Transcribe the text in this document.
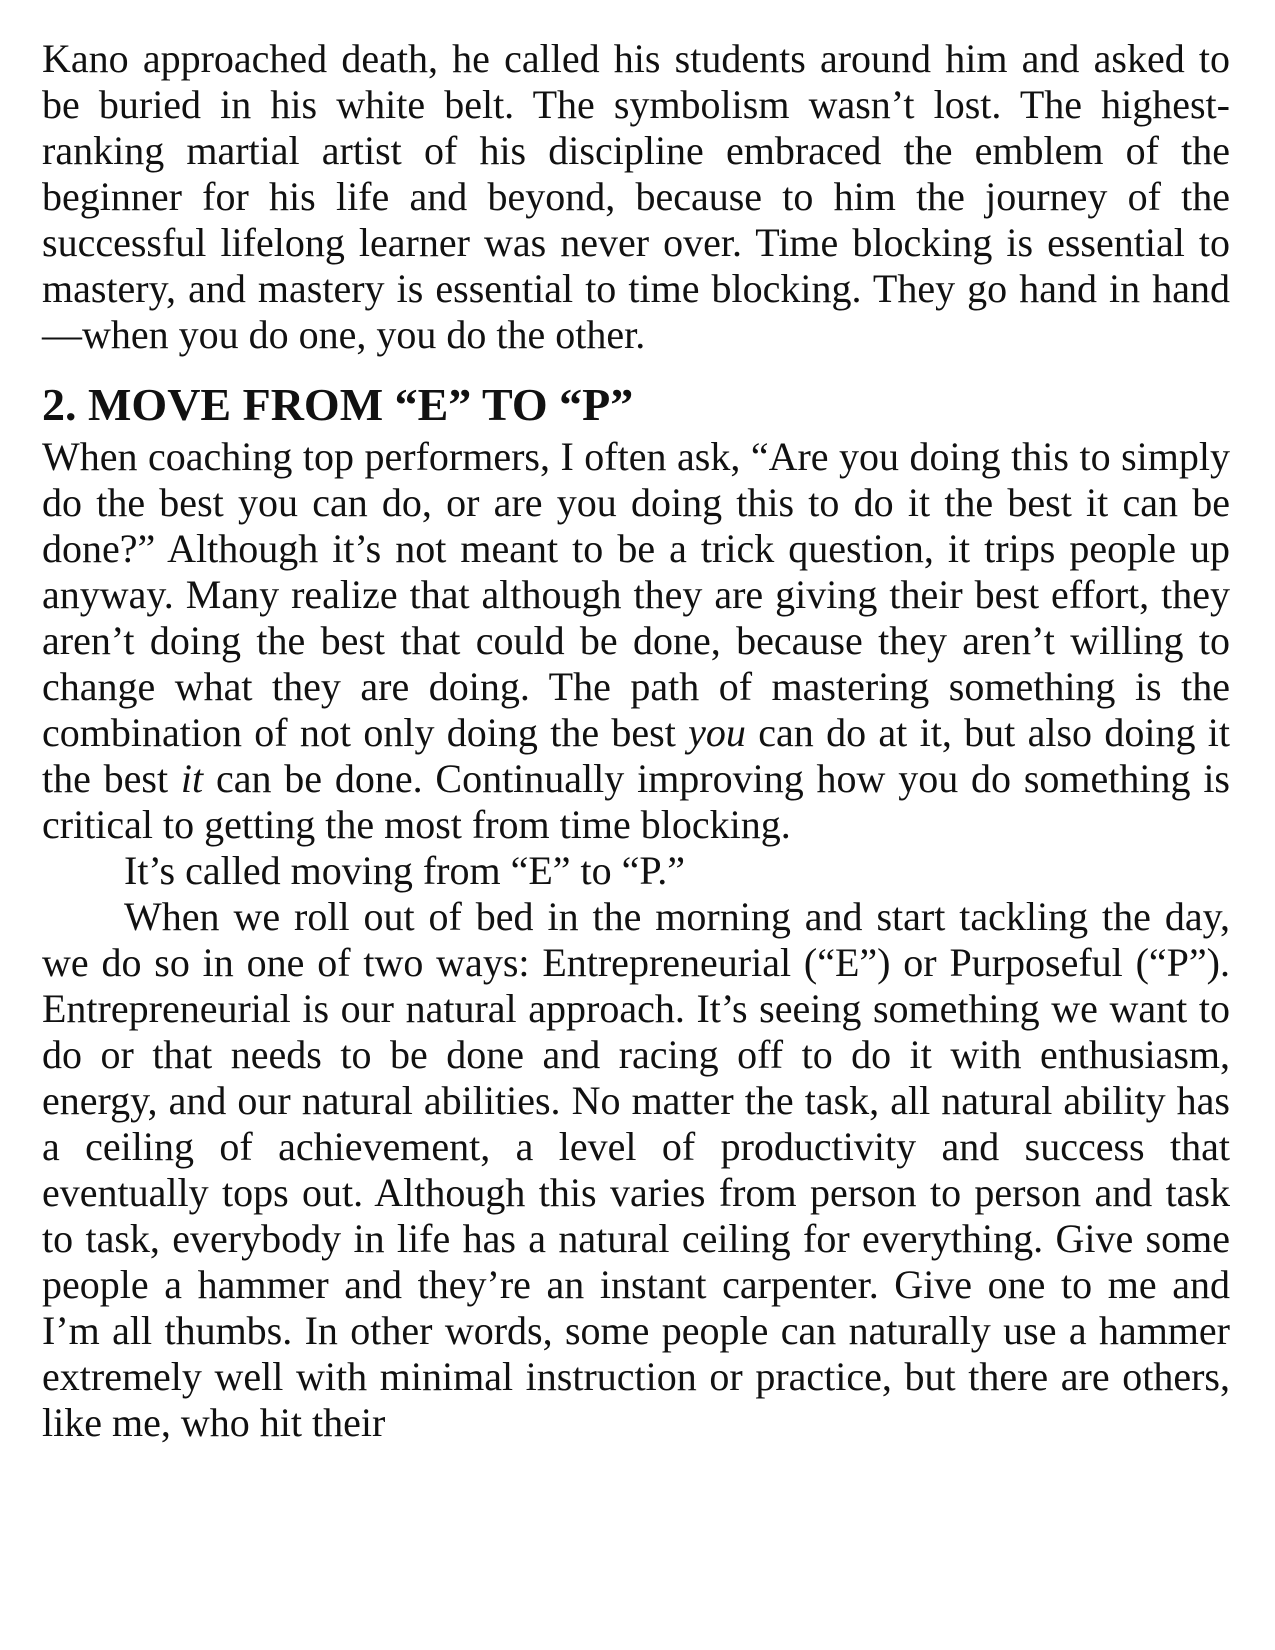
Kano approached death, he called his students around him and asked to be buried in his white belt. The symbolism wasn’t lost. The highest-ranking martial artist of his discipline embraced the emblem of the beginner for his life and beyond, because to him the journey of the successful lifelong learner was never over. Time blocking is essential to mastery, and mastery is essential to time blocking. They go hand in hand—when you do one, you do the other.

2. MOVE FROM “E” TO “P”

When coaching top performers, I often ask, “Are you doing this to simply do the best you can do, or are you doing this to do it the best it can be done?” Although it’s not meant to be a trick question, it trips people up anyway. Many realize that although they are giving their best effort, they aren’t doing the best that could be done, because they aren’t willing to change what they are doing. The path of mastering something is the combination of not only doing the best you can do at it, but also doing it the best it can be done. Continually improving how you do something is critical to getting the most from time blocking.

It’s called moving from “E” to “P.”

When we roll out of bed in the morning and start tackling the day, we do so in one of two ways: Entrepreneurial (“E”) or Purposeful (“P”). Entrepreneurial is our natural approach. It’s seeing something we want to do or that needs to be done and racing off to do it with enthusiasm, energy, and our natural abilities. No matter the task, all natural ability has a ceiling of achievement, a level of productivity and success that eventually tops out. Although this varies from person to person and task to task, everybody in life has a natural ceiling for everything. Give some people a hammer and they’re an instant carpenter. Give one to me and I’m all thumbs. In other words, some people can naturally use a hammer extremely well with minimal instruction or practice, but there are others, like me, who hit their
